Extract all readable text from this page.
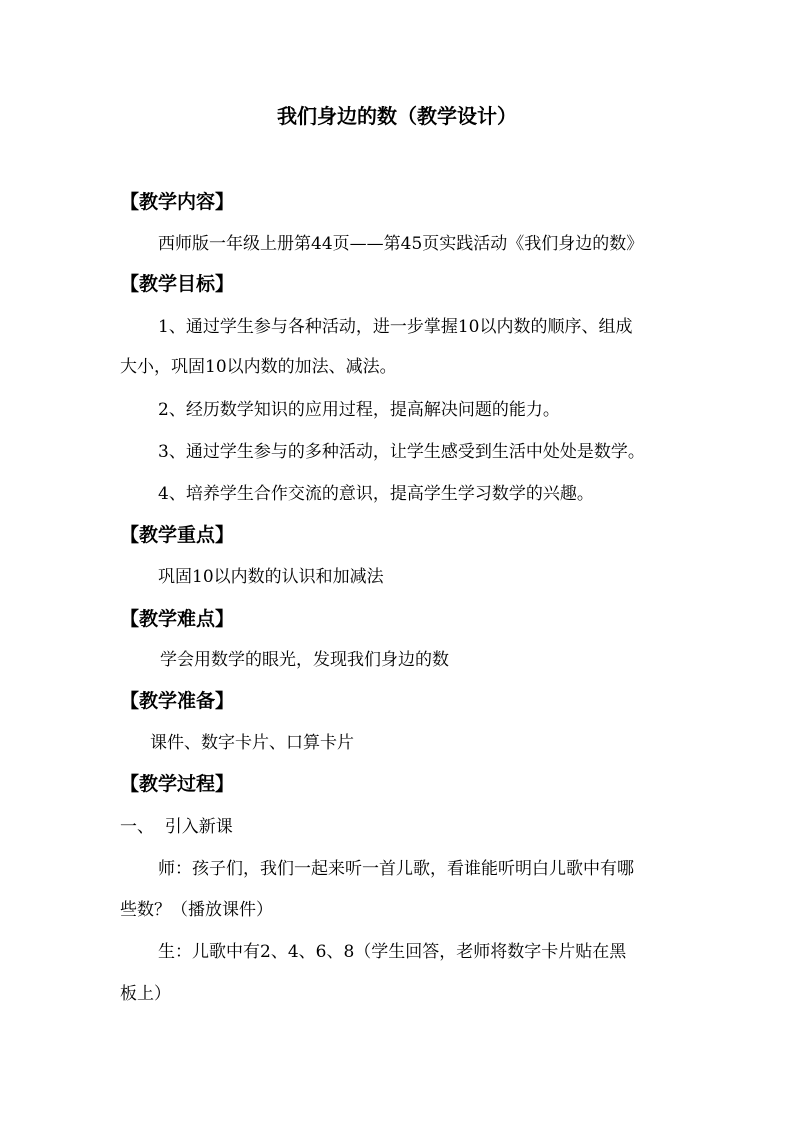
我们身边的数（教学设计）
【教学内容】
西师版一年级上册第44页——第45页实践活动《我们身边的数》
【教学目标】
1、通过学生参与各种活动，进一步掌握10以内数的顺序、组成
大小，巩固10以内数的加法、减法。
2、经历数学知识的应用过程，提高解决问题的能力。
3、通过学生参与的多种活动，让学生感受到生活中处处是数学。
4、培养学生合作交流的意识，提高学生学习数学的兴趣。
【教学重点】
巩固10以内数的认识和加减法
【教学难点】
学会用数学的眼光，发现我们身边的数
【教学准备】
课件、数字卡片、口算卡片
【教学过程】
一、  引入新课
师：孩子们，我们一起来听一首儿歌，看谁能听明白儿歌中有哪
些数？（播放课件）
生：儿歌中有2、4、6、8（学生回答，老师将数字卡片贴在黑
板上）
